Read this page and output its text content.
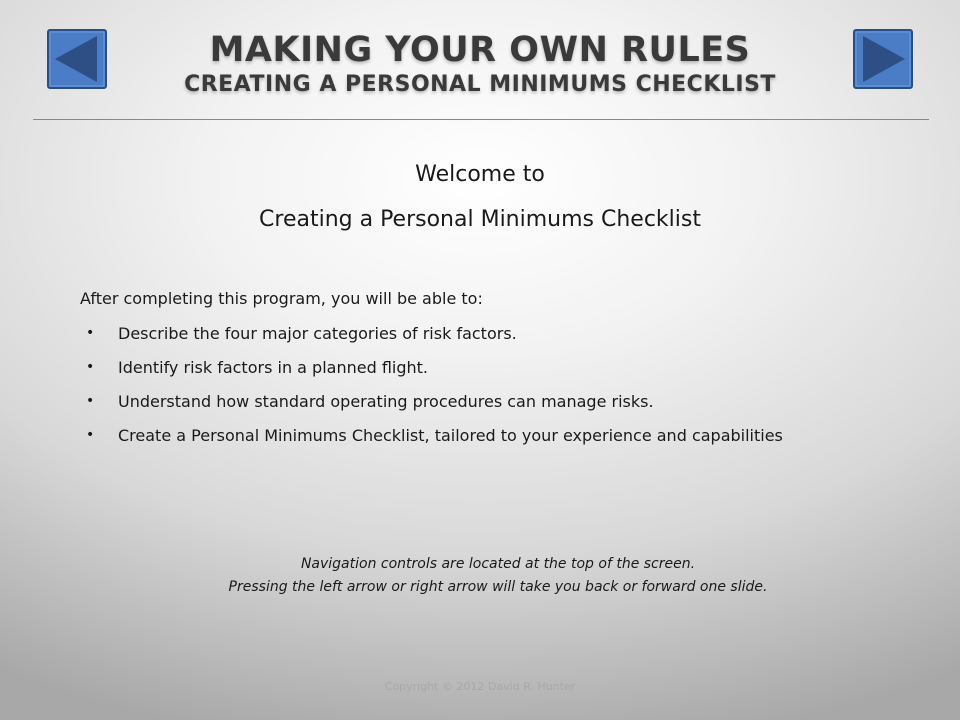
MAKING YOUR OWN RULES
CREATING A PERSONAL MINIMUMS CHECKLIST
Welcome to
Creating a Personal Minimums Checklist
After completing this program, you will be able to:
• Describe the four major categories of risk factors.
• Identify risk factors in a planned flight.
• Understand how standard operating procedures can manage risks.
• Create a Personal Minimums Checklist, tailored to your experience and capabilities
Navigation controls are located at the top of the screen.
Pressing the left arrow or right arrow will take you back or forward one slide.
Copyright © 2012 David R. Hunter
